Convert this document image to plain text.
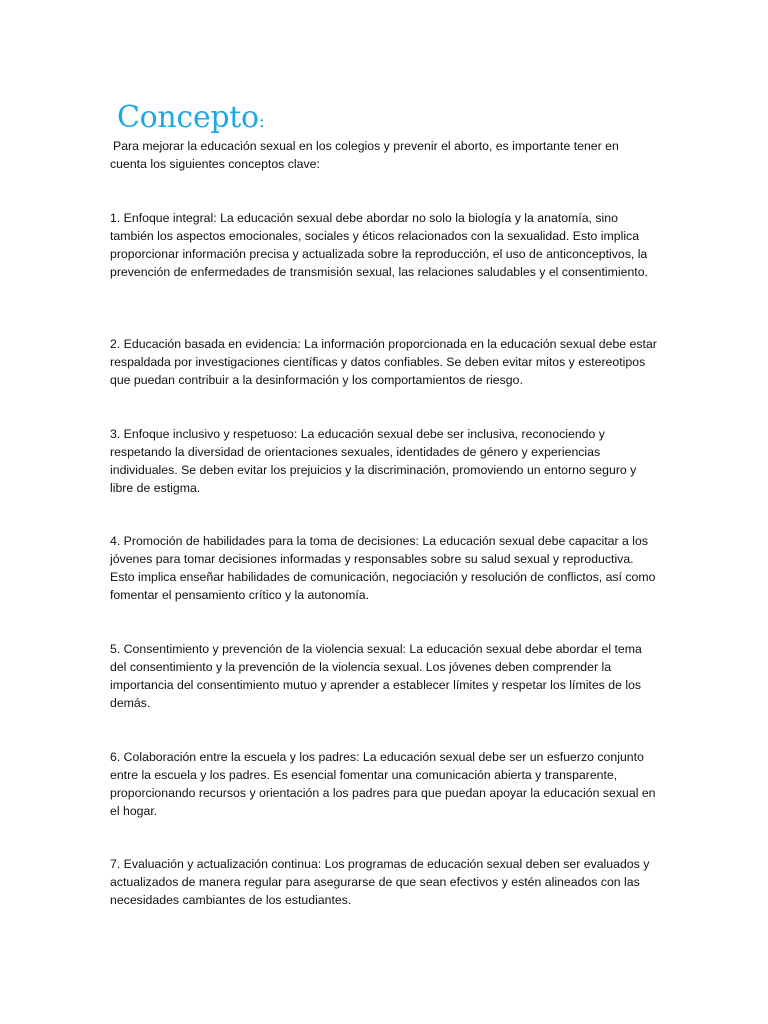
Concepto:

Para mejorar la educación sexual en los colegios y prevenir el aborto, es importante tener en cuenta los siguientes conceptos clave:

1. Enfoque integral: La educación sexual debe abordar no solo la biología y la anatomía, sino también los aspectos emocionales, sociales y éticos relacionados con la sexualidad. Esto implica proporcionar información precisa y actualizada sobre la reproducción, el uso de anticonceptivos, la prevención de enfermedades de transmisión sexual, las relaciones saludables y el consentimiento.

2. Educación basada en evidencia: La información proporcionada en la educación sexual debe estar respaldada por investigaciones científicas y datos confiables. Se deben evitar mitos y estereotipos que puedan contribuir a la desinformación y los comportamientos de riesgo.

3. Enfoque inclusivo y respetuoso: La educación sexual debe ser inclusiva, reconociendo y respetando la diversidad de orientaciones sexuales, identidades de género y experiencias individuales. Se deben evitar los prejuicios y la discriminación, promoviendo un entorno seguro y libre de estigma.

4. Promoción de habilidades para la toma de decisiones: La educación sexual debe capacitar a los jóvenes para tomar decisiones informadas y responsables sobre su salud sexual y reproductiva. Esto implica enseñar habilidades de comunicación, negociación y resolución de conflictos, así como fomentar el pensamiento crítico y la autonomía.

5. Consentimiento y prevención de la violencia sexual: La educación sexual debe abordar el tema del consentimiento y la prevención de la violencia sexual. Los jóvenes deben comprender la importancia del consentimiento mutuo y aprender a establecer límites y respetar los límites de los demás.

6. Colaboración entre la escuela y los padres: La educación sexual debe ser un esfuerzo conjunto entre la escuela y los padres. Es esencial fomentar una comunicación abierta y transparente, proporcionando recursos y orientación a los padres para que puedan apoyar la educación sexual en el hogar.

7. Evaluación y actualización continua: Los programas de educación sexual deben ser evaluados y actualizados de manera regular para asegurarse de que sean efectivos y estén alineados con las necesidades cambiantes de los estudiantes.
